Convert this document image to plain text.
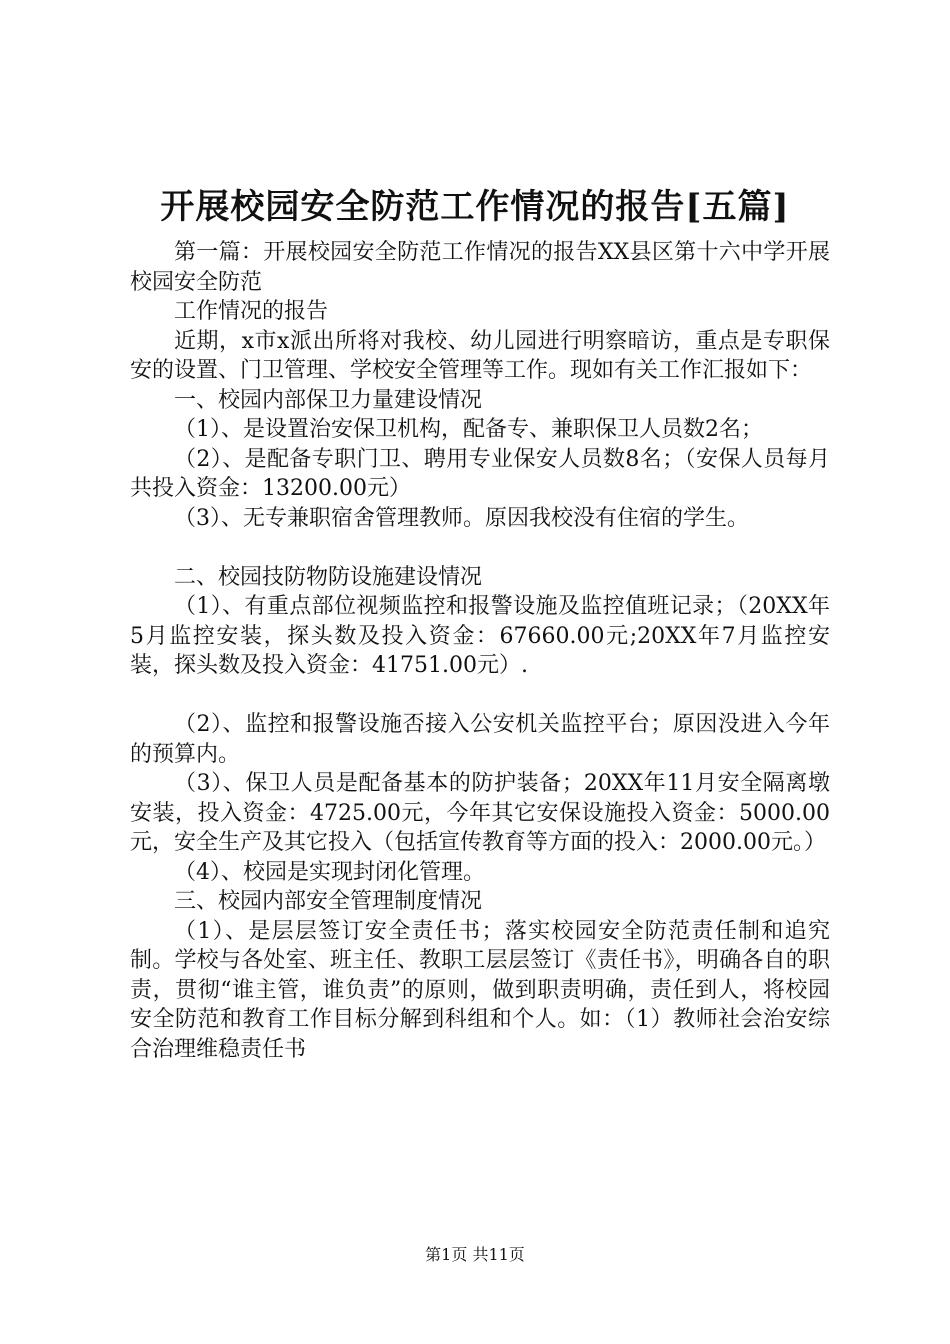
开展校园安全防范工作情况的报告[五篇]

第一篇：开展校园安全防范工作情况的报告XX县区第十六中学开展校园安全防范

工作情况的报告

近期，x市x派出所将对我校、幼儿园进行明察暗访，重点是专职保安的设置、门卫管理、学校安全管理等工作。现如有关工作汇报如下：

一、校园内部保卫力量建设情况

（1）、是设置治安保卫机构，配备专、兼职保卫人员数2名；

（2）、是配备专职门卫、聘用专业保安人员数8名；（安保人员每月共投入资金：13200.00元）

（3）、无专兼职宿舍管理教师。原因我校没有住宿的学生。

二、校园技防物防设施建设情况

（1）、有重点部位视频监控和报警设施及监控值班记录；（20XX年5月监控安装，探头数及投入资金：67660.00元;20XX年7月监控安装，探头数及投入资金：41751.00元）.

（2）、监控和报警设施否接入公安机关监控平台；原因没进入今年的预算内。

（3）、保卫人员是配备基本的防护装备；20XX年11月安全隔离墩安装，投入资金：4725.00元，今年其它安保设施投入资金：5000.00元，安全生产及其它投入（包括宣传教育等方面的投入：2000.00元。）

（4）、校园是实现封闭化管理。

三、校园内部安全管理制度情况

（1）、是层层签订安全责任书；落实校园安全防范责任制和追究制。学校与各处室、班主任、教职工层层签订《责任书》，明确各自的职责，贯彻“谁主管，谁负责”的原则，做到职责明确，责任到人，将校园安全防范和教育工作目标分解到科组和个人。如：（1）教师社会治安综合治理维稳责任书

第1页 共11页
